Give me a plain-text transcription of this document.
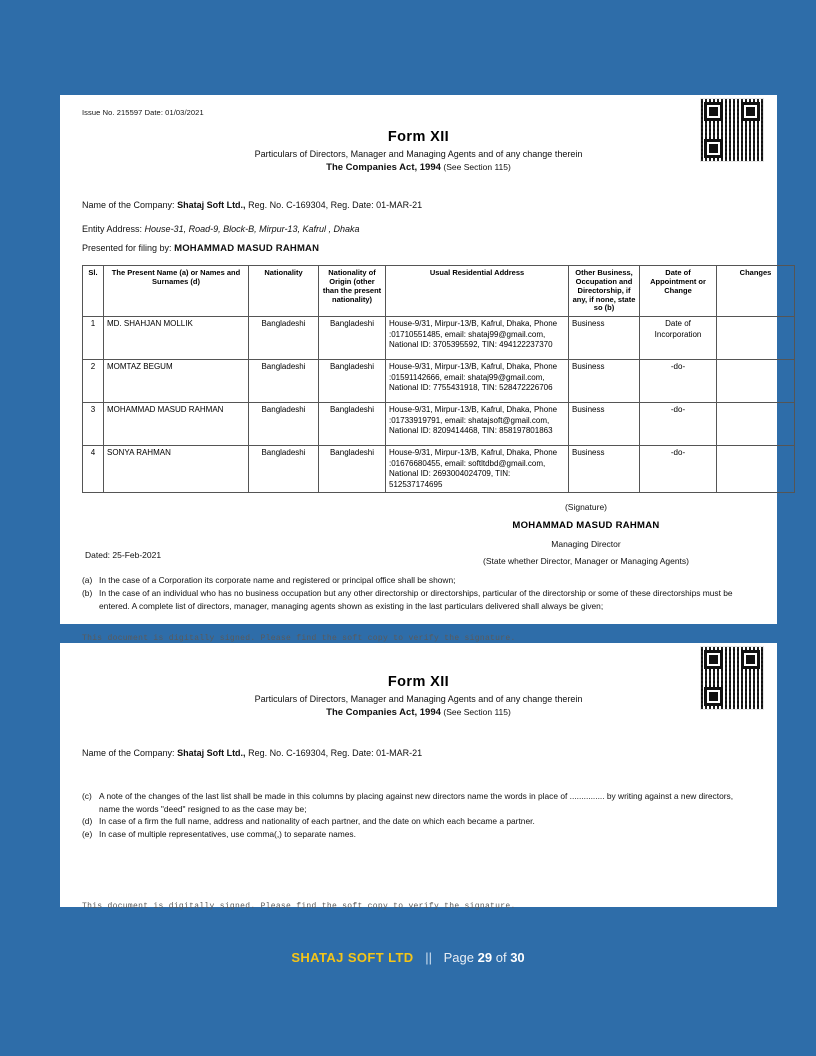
Issue No. 215597 Date: 01/03/2021
Form XII
Particulars of Directors, Manager and Managing Agents and of any change therein
The Companies Act, 1994 (See Section 115)
Name of the Company: Shataj Soft Ltd., Reg. No. C-169304, Reg. Date: 01-MAR-21
Entity Address: House-31, Road-9, Block-B, Mirpur-13, Kafrul , Dhaka
Presented for filing by: MOHAMMAD MASUD RAHMAN
Sl.	The Present Name (a) or Names and Surnames (d)	Nationality	Nationality of Origin (other than the present nationality)	Usual Residential Address	Other Business, Occupation and Directorship, if any, if none, state so (b)	Date of Appointment or Change	Changes
1	MD. SHAHJAN MOLLIK	Bangladeshi	Bangladeshi	House-9/31, Mirpur-13/B, Kafrul, Dhaka, Phone :01710551485, email: shataj99@gmail.com, National ID: 3705395592, TIN: 494122237370	Business	Date of Incorporation	
2	MOMTAZ BEGUM	Bangladeshi	Bangladeshi	House-9/31, Mirpur-13/B, Kafrul, Dhaka, Phone :01591142666, email: shataj99@gmail.com, National ID: 7755431918, TIN: 528472226706	Business	-do-	
3	MOHAMMAD MASUD RAHMAN	Bangladeshi	Bangladeshi	House-9/31, Mirpur-13/B, Kafrul, Dhaka, Phone :01733919791, email: shatajsoft@gmail.com, National ID: 8209414468, TIN: 858197801863	Business	-do-	
4	SONYA RAHMAN	Bangladeshi	Bangladeshi	House-9/31, Mirpur-13/B, Kafrul, Dhaka, Phone :01676680455, email: softltdbd@gmail.com, National ID: 2693004024709, TIN: 512537174695	Business	-do-	
(Signature)
MOHAMMAD MASUD RAHMAN
Managing Director
(State whether Director, Manager or Managing Agents)
Dated: 25-Feb-2021
(a) In the case of a Corporation its corporate name and registered or principal office shall be shown;
(b) In the case of an individual who has no business occupation but any other directorship or directorships, particular of the directorship or some of these directorships must be entered. A complete list of directors, manager, managing agents shown as existing in the last particulars delivered shall always be given;
This document is digitally signed. Please find the soft copy to verify the signature.
Form XII
Particulars of Directors, Manager and Managing Agents and of any change therein
The Companies Act, 1994 (See Section 115)
Name of the Company: Shataj Soft Ltd., Reg. No. C-169304, Reg. Date: 01-MAR-21
(c) A note of the changes of the last list shall be made in this columns by placing against new directors name the words in place of ............... by writing against a new directors, name the words "deed" resigned to as the case may be;
(d) In case of a firm the full name, address and nationality of each partner, and the date on which each became a partner.
(e) In case of multiple representatives, use comma(,) to separate names.
This document is digitally signed. Please find the soft copy to verify the signature.
SHATAJ SOFT LTD || Page 29 of 30
